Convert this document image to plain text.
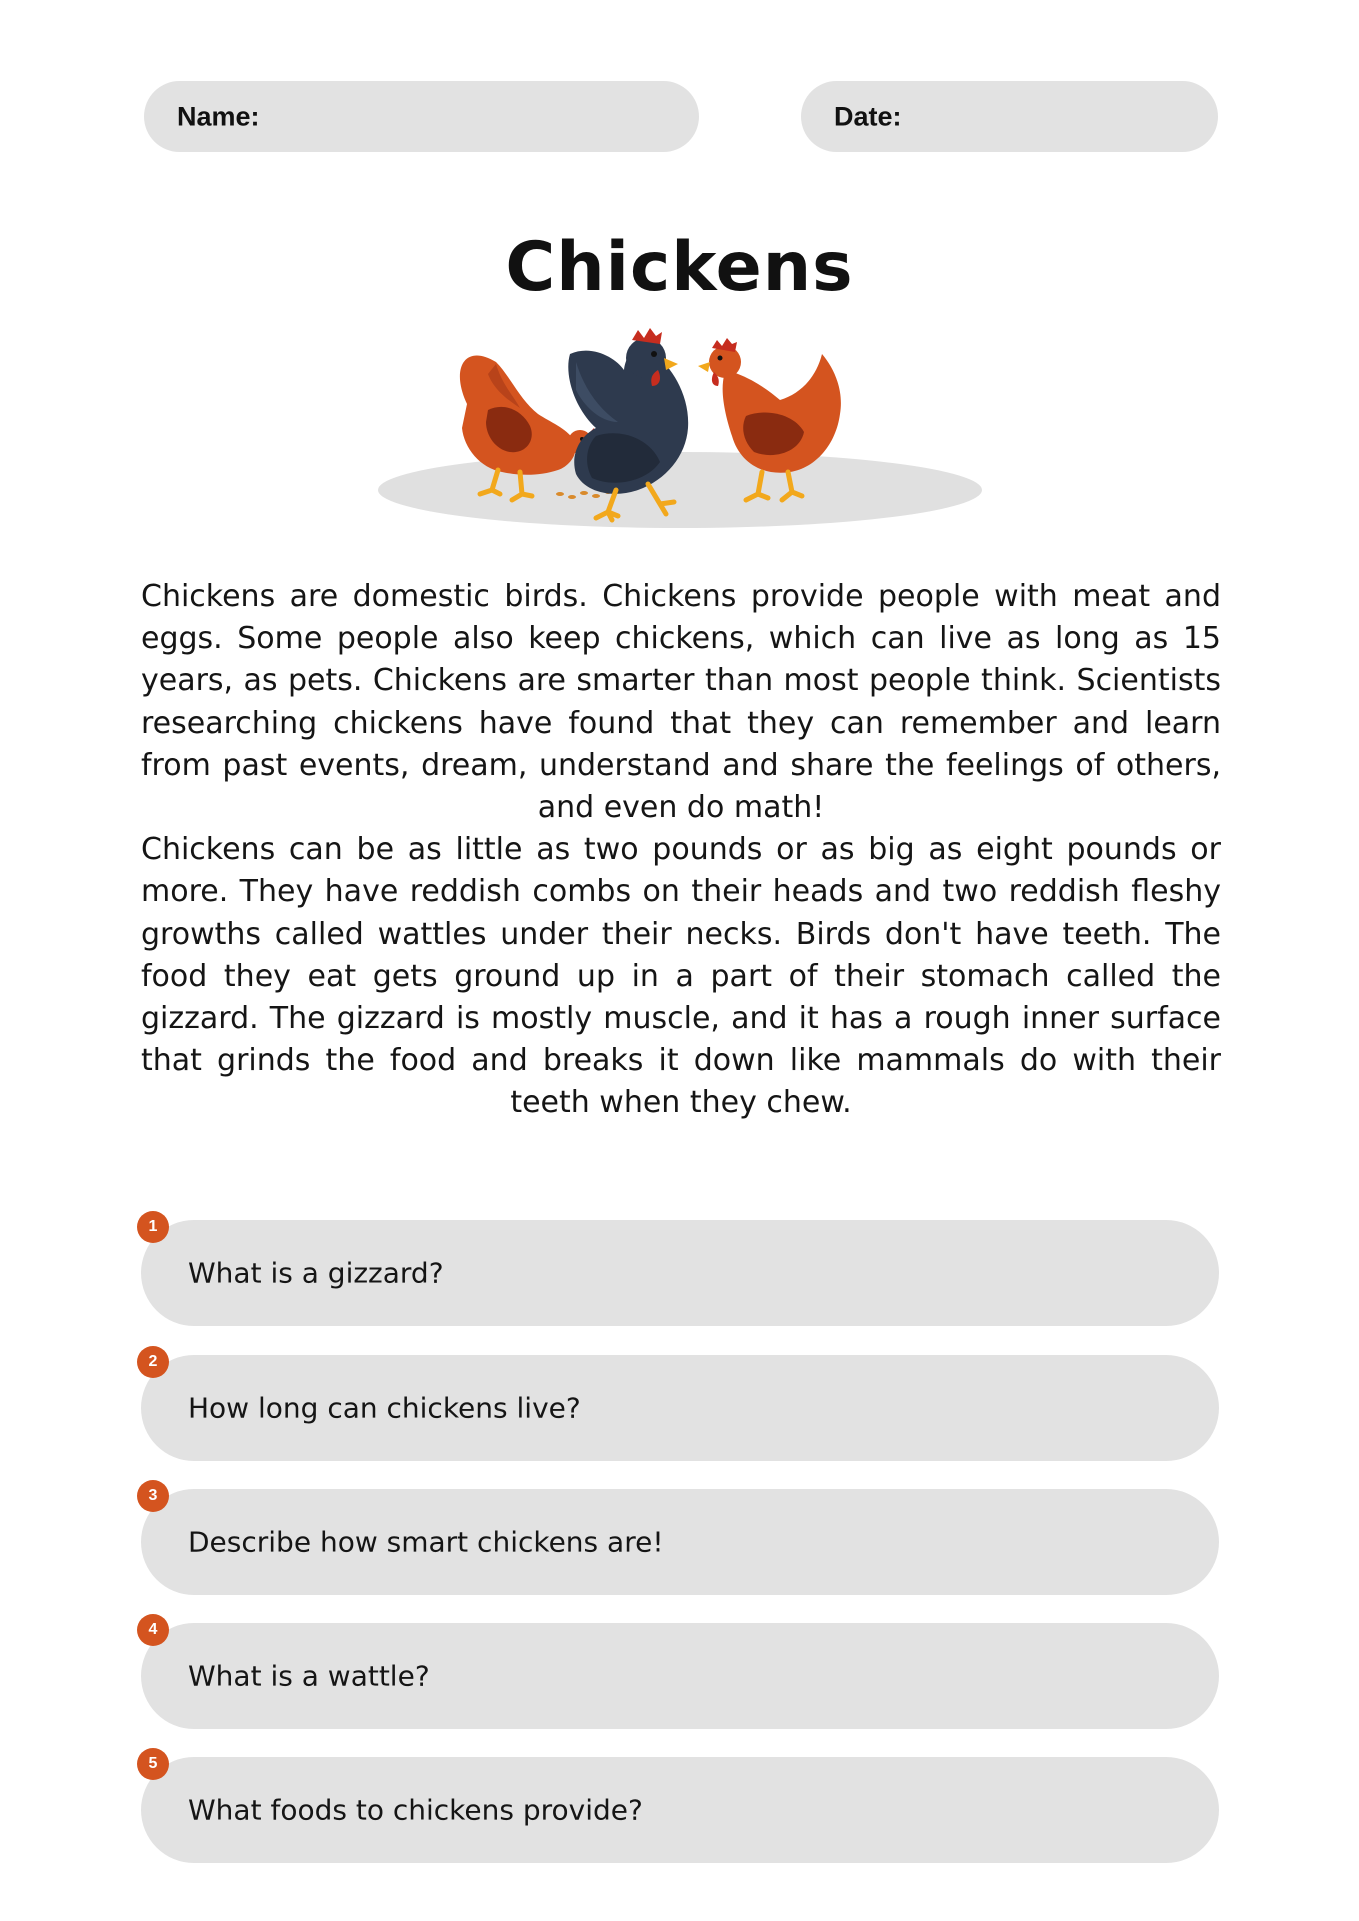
Name:	Date:
Chickens

Chickens are domestic birds. Chickens provide people with meat and eggs. Some people also keep chickens, which can live as long as 15 years, as pets. Chickens are smarter than most people think. Scientists researching chickens have found that they can remember and learn from past events, dream, understand and share the feelings of others, and even do math!

Chickens can be as little as two pounds or as big as eight pounds or more. They have reddish combs on their heads and two reddish fleshy growths called wattles under their necks. Birds don't have teeth. The food they eat gets ground up in a part of their stomach called the gizzard. The gizzard is mostly muscle, and it has a rough inner surface that grinds the food and breaks it down like mammals do with their teeth when they chew.

1
What is a gizzard?
2
How long can chickens live?
3
Describe how smart chickens are!
4
What is a wattle?
5
What foods to chickens provide?
